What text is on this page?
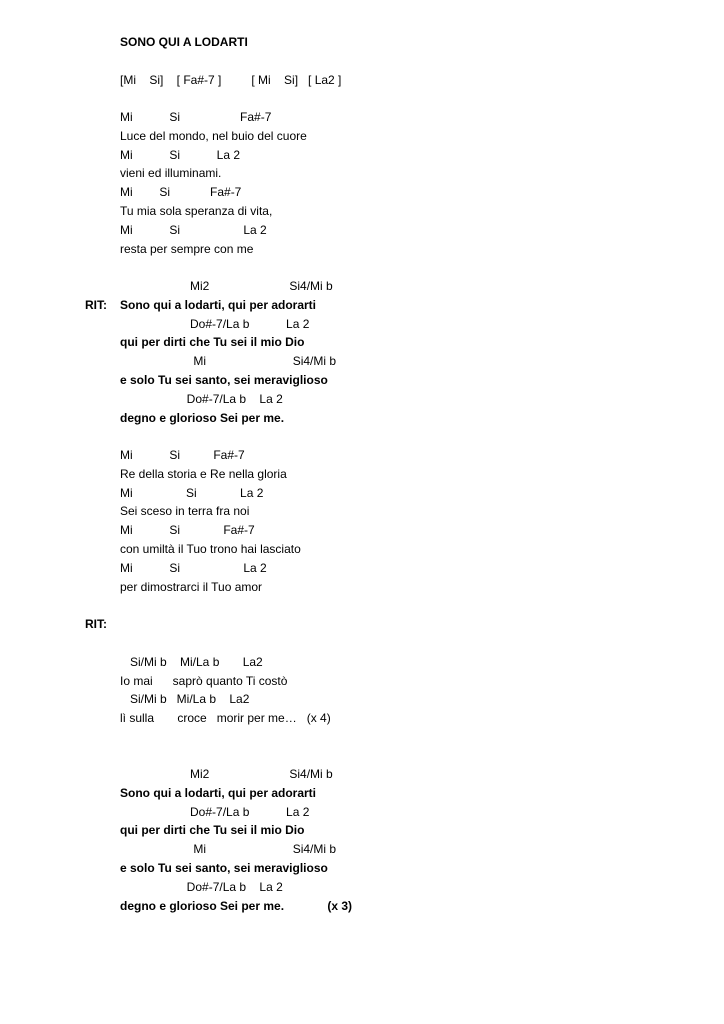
SONO QUI A LODARTI
[Mi    Si]    [ Fa#-7 ]         [ Mi    Si]   [ La2 ]
Mi           Si                  Fa#-7
Luce del mondo, nel buio del cuore
Mi           Si           La 2
vieni ed illuminami.
Mi        Si            Fa#-7
Tu mia sola speranza di vita,
Mi           Si                   La 2
resta per sempre con me
Mi2                        Si4/Mi b
RIT: Sono qui a lodarti, qui per adorarti
Do#-7/La b           La 2
qui per dirti che Tu sei il mio Dio
Mi                          Si4/Mi b
e solo Tu sei santo, sei meraviglioso
Do#-7/La b    La 2
degno e glorioso Sei per me.
Mi           Si          Fa#-7
Re della storia e Re nella gloria
Mi                Si             La 2
Sei sceso in terra fra noi
Mi           Si             Fa#-7
con umiltà il Tuo trono hai lasciato
Mi           Si                   La 2
per dimostrarci il Tuo amor
RIT:
Si/Mi b    Mi/La b       La2
Io mai      saprò quanto Ti costò
Si/Mi b   Mi/La b    La2
lì sulla       croce   morir per me…   (x 4)
Mi2                        Si4/Mi b
Sono qui a lodarti, qui per adorarti
Do#-7/La b           La 2
qui per dirti che Tu sei il mio Dio
Mi                          Si4/Mi b
e solo Tu sei santo, sei meraviglioso
Do#-7/La b    La 2
degno e glorioso Sei per me.             (x 3)
